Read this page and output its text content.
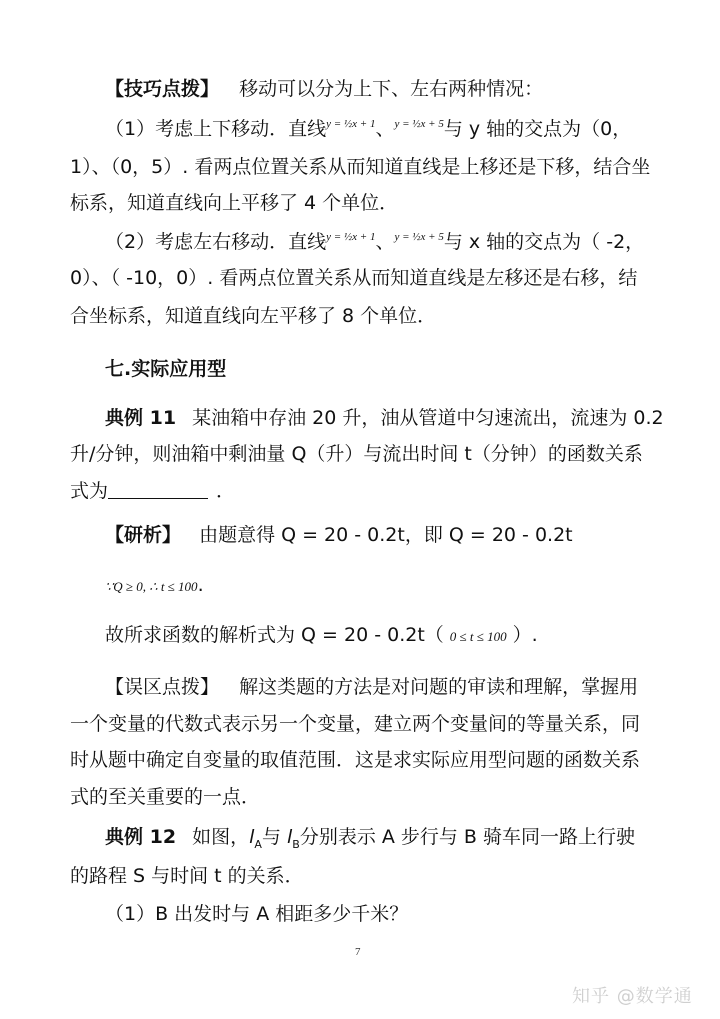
【技巧点拨】 移动可以分为上下、左右两种情况：
（1）考虑上下移动．直线$^{y = \frac{1}{2}x + 1}$、$^{y = \frac{1}{2}x + 5}$与 y 轴的交点为（0，
1）、（0，5）. 看两点位置关系从而知道直线是上移还是下移，结合坐
标系，知道直线向上平移了 4 个单位．
（2）考虑左右移动．直线$^{y = \frac{1}{2}x + 1}$、$^{y = \frac{1}{2}x + 5}$与 x 轴的交点为（ -2，
0）、（ -10，0）. 看两点位置关系从而知道直线是左移还是右移，结
合坐标系，知道直线向左平移了 8 个单位．
七.实际应用型
典例 11 某油箱中存油 20 升，油从管道中匀速流出，流速为 0.2
升/分钟，则油箱中剩油量 Q（升）与流出时间 t（分钟）的函数关系
式为	．
【研析】 由题意得 Q = 20 - 0.2t，即 Q = 20 - 0.2t
∵Q ≥ 0, ∴ t ≤ 100.
故所求函数的解析式为 Q = 20 - 0.2t（ 0 ≤ t ≤ 100 ）.
【误区点拨】 解这类题的方法是对问题的审读和理解，掌握用
一个变量的代数式表示另一个变量，建立两个变量间的等量关系，同
时从题中确定自变量的取值范围．这是求实际应用型问题的函数关系
式的至关重要的一点．
典例 12 如图，$l_A$与 $l_B$分别表示 A 步行与 B 骑车同一路上行驶
的路程 S 与时间 t 的关系．
（1）B 出发时与 A 相距多少千米？
7
知乎 @数学通
